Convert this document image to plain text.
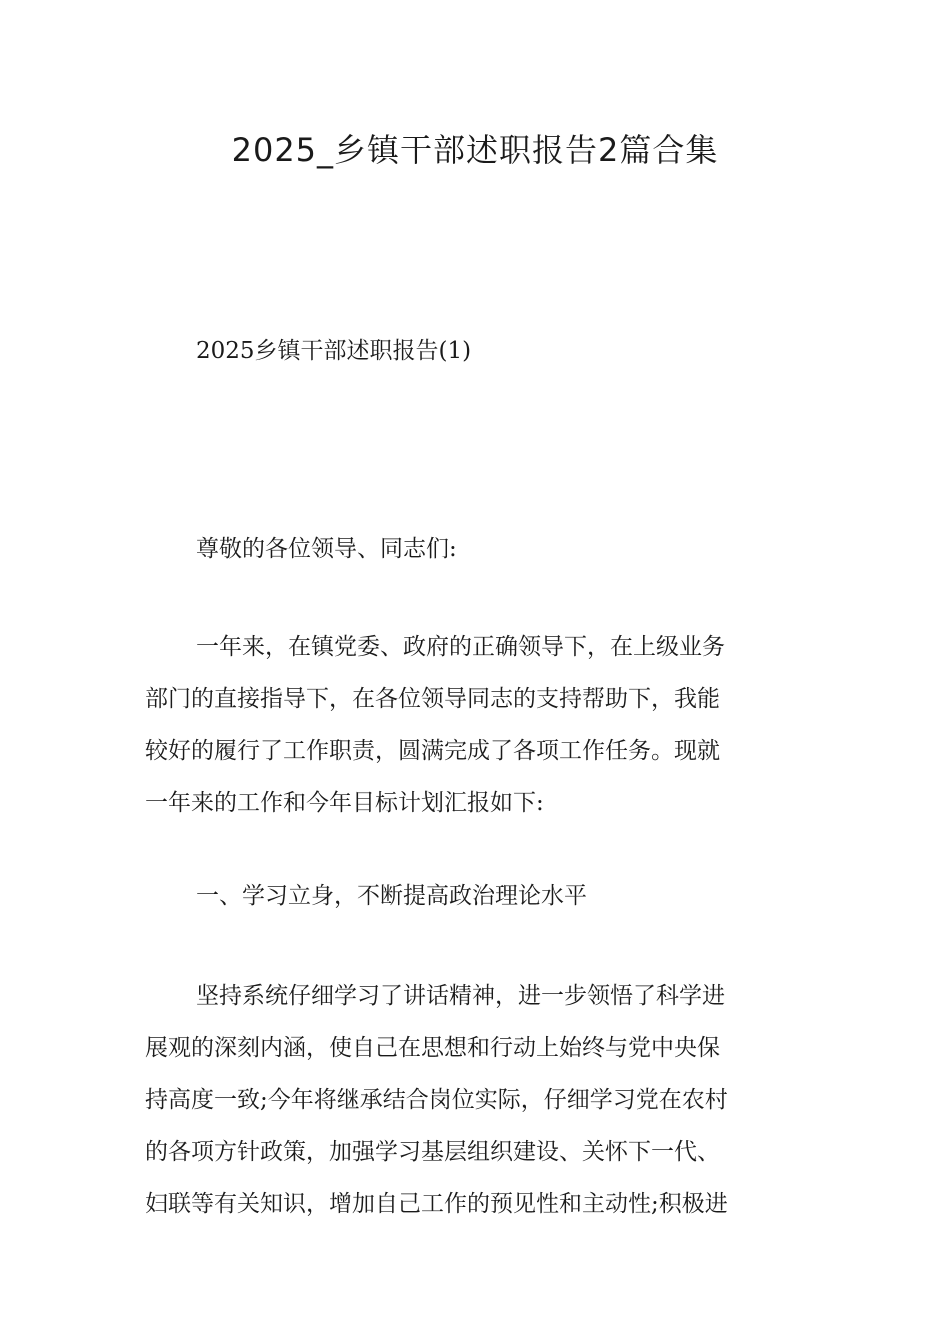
2025_乡镇干部述职报告2篇合集
2025乡镇干部述职报告(1)
尊敬的各位领导、同志们:
一年来，在镇党委、政府的正确领导下，在上级业务
部门的直接指导下，在各位领导同志的支持帮助下，我能
较好的履行了工作职责，圆满完成了各项工作任务。现就
一年来的工作和今年目标计划汇报如下:
一、学习立身，不断提高政治理论水平
坚持系统仔细学习了讲话精神，进一步领悟了科学进
展观的深刻内涵，使自己在思想和行动上始终与党中央保
持高度一致;今年将继承结合岗位实际，仔细学习党在农村
的各项方针政策，加强学习基层组织建设、关怀下一代、
妇联等有关知识，增加自己工作的预见性和主动性;积极进
